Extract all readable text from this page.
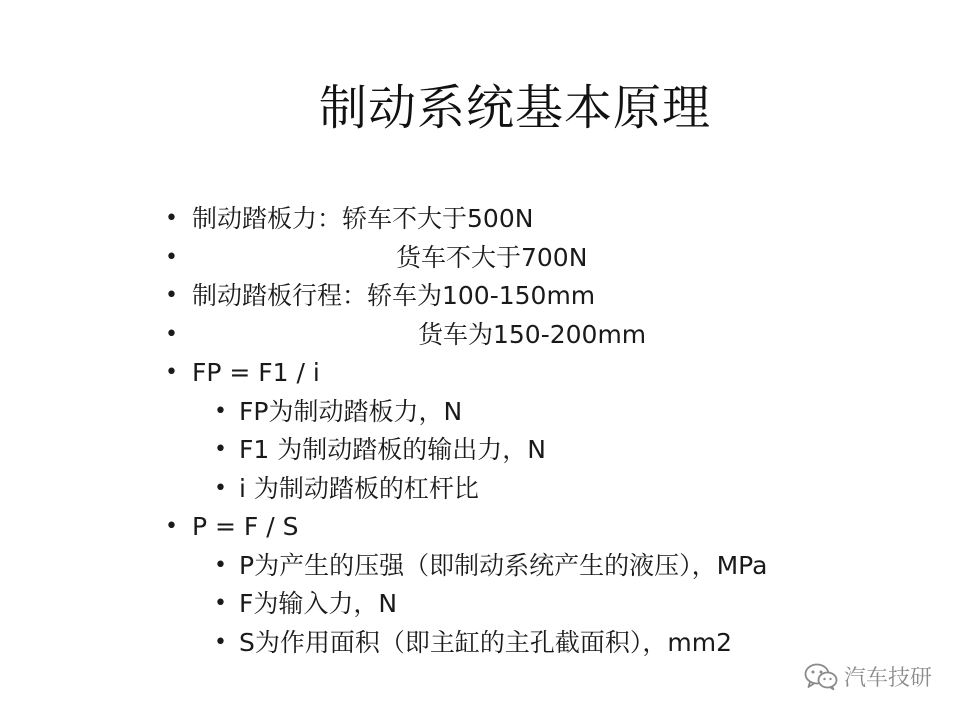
制动系统基本原理
• 制动踏板力：轿车不大于500N
•	货车不大于700N
• 制动踏板行程：轿车为100-150mm
•	货车为150-200mm
• FP = F1 / i
• FP为制动踏板力，N
• F1 为制动踏板的输出力，N
• i 为制动踏板的杠杆比
• P = F / S
• P为产生的压强（即制动系统产生的液压），MPa
• F为输入力，N
• S为作用面积（即主缸的主孔截面积），mm2
汽车技研
